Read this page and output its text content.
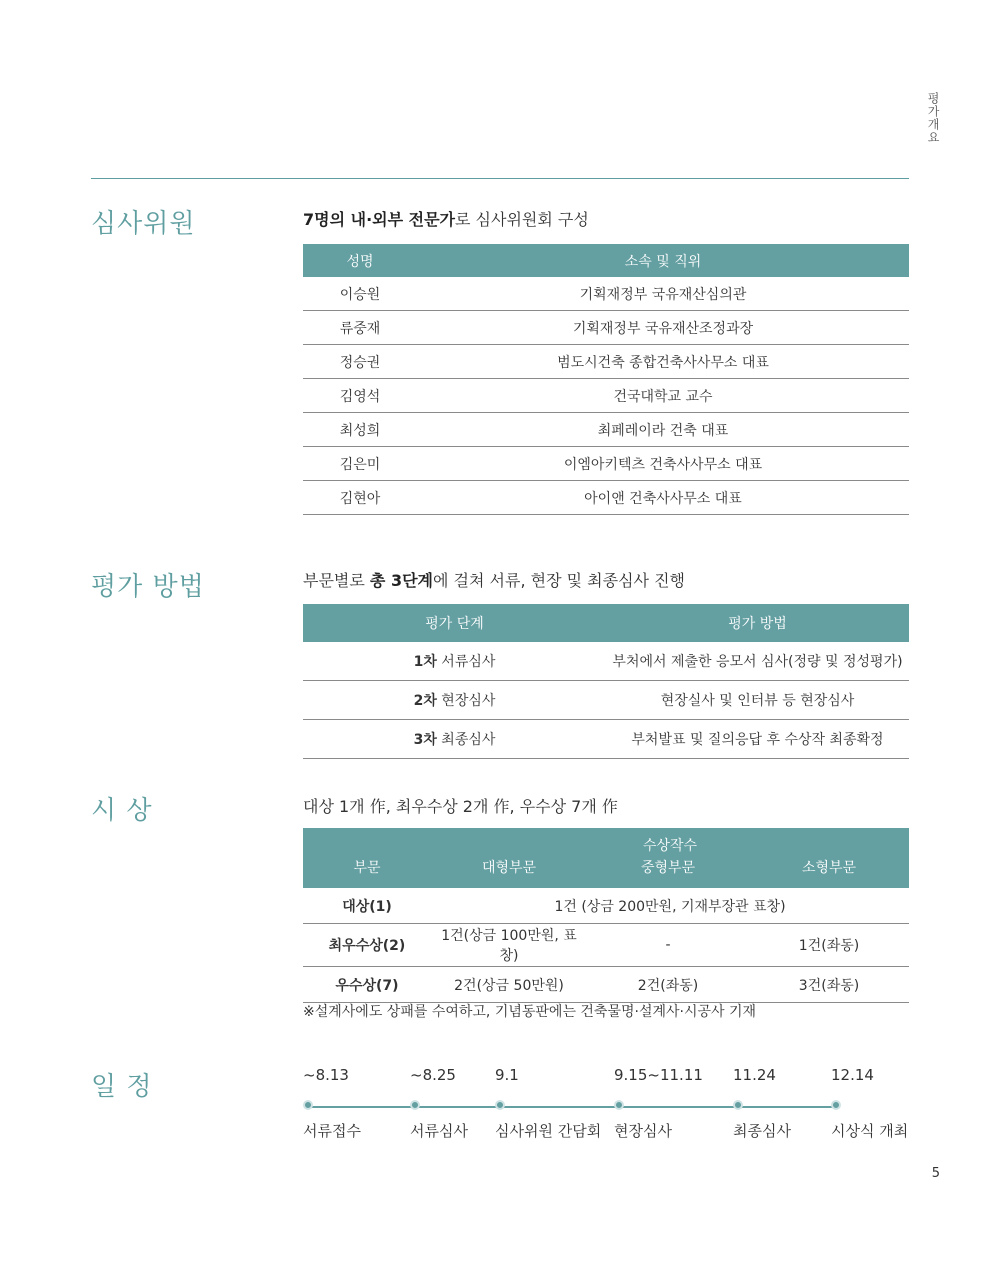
평가개요
심사위원	7명의 내·외부 전문가로 심사위원회 구성
성명	소속 및 직위
이승원	기획재정부 국유재산심의관
류중재	기획재정부 국유재산조정과장
정승권	범도시건축 종합건축사사무소 대표
김영석	건국대학교 교수
최성희	최페레이라 건축 대표
김은미	이엠아키텍츠 건축사사무소 대표
김현아	아이앤 건축사사무소 대표
평가 방법	부문별로 총 3단계에 걸쳐 서류, 현장 및 최종심사 진행
평가 단계	평가 방법
1차 서류심사	부처에서 제출한 응모서 심사(정량 및 정성평가)
2차 현장심사	현장실사 및 인터뷰 등 현장심사
3차 최종심사	부처발표 및 질의응답 후 수상작 최종확정
시 상	대상 1개 作, 최우수상 2개 作, 우수상 7개 作
	수상작수		
부문	대형부문	중형부문	소형부문
대상(1)	1건 (상금 200만원, 기재부장관 표창)		
최우수상(2)	1건(상금 100만원, 표창)	-	1건(좌동)
우수상(7)	2건(상금 50만원)	2건(좌동)	3건(좌동)
※설계사에도 상패를 수여하고, 기념동판에는 건축물명·설계사·시공사 기재
일 정	~8.13
서류접수
~8.25
서류심사
9.1
심사위원 간담회
9.15~11.11
현장심사
11.24
최종심사
12.14
시상식 개최
5
